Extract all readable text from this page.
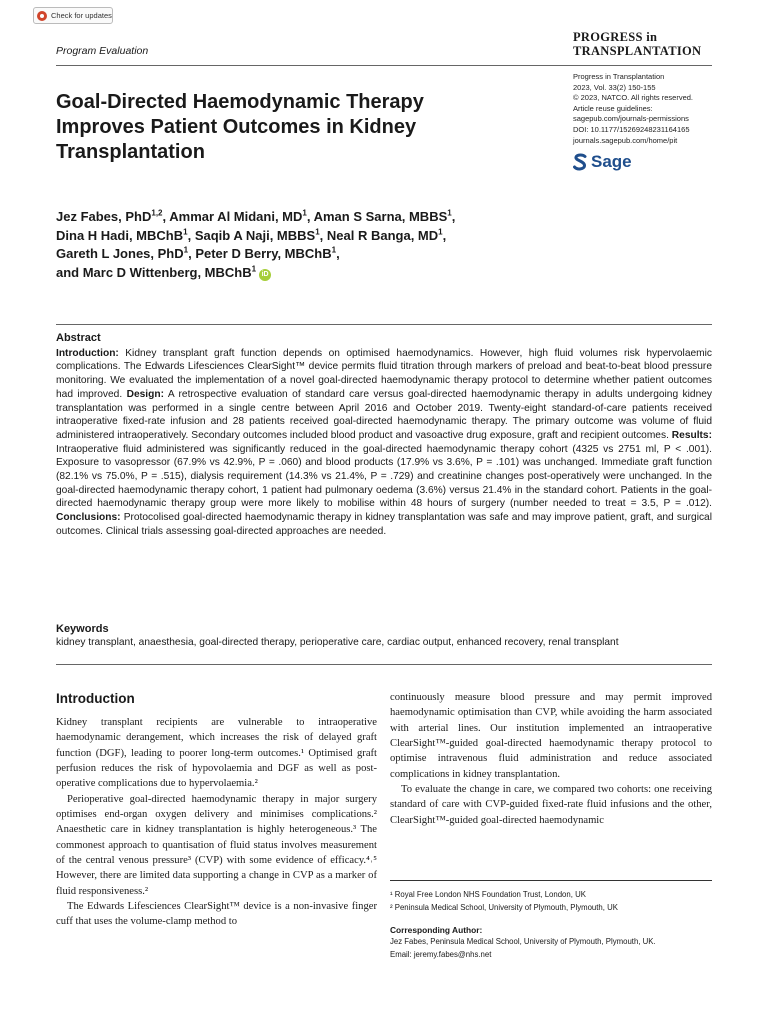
Check for updates
Program Evaluation
PROGRESS in
TRANSPLANTATION
Goal-Directed Haemodynamic Therapy Improves Patient Outcomes in Kidney Transplantation
Progress in Transplantation
2023, Vol. 33(2) 150-155
© 2023, NATCO. All rights reserved.
Article reuse guidelines:
sagepub.com/journals-permissions
DOI: 10.1177/15269248231164165
journals.sagepub.com/home/pit
Sage
Jez Fabes, PhD$^{1,2}$, Ammar Al Midani, $MD^1$, Aman S Sarna, MBBS$^1$,
Dina H Hadi, MBChB$^1$, Saqib A Naji, MBBS$^1$, Neal R Banga, $MD^1$,
Gareth L Jones, PhD$^1$, Peter D Berry, MBChB$^1$,
and Marc D Wittenberg, MBChB$^1$iD
Abstract
Introduction: Kidney transplant graft function depends on optimised haemodynamics. However, high fluid volumes risk hypervolaemic complications. The Edwards Lifesciences ClearSight™ device permits fluid titration through markers of preload and beat-to-beat blood pressure monitoring. We evaluated the implementation of a novel goal-directed haemodynamic therapy protocol to determine whether patient outcomes had improved. Design: A retrospective evaluation of standard care versus goal-directed haemodynamic therapy in adults undergoing kidney transplantation was performed in a single centre between April 2016 and October 2019. Twenty-eight standard-of-care patients received intraoperative fixed-rate infusion and 28 patients received goal-directed haemodynamic therapy. The primary outcome was volume of fluid administered intraoperatively. Secondary outcomes included blood product and vasoactive drug exposure, graft and recipient outcomes. Results: Intraoperative fluid administered was significantly reduced in the goal-directed haemodynamic therapy cohort (4325 vs 2751 ml, P < .001). Exposure to vasopressor (67.9% vs 42.9%, P = .060) and blood products (17.9% vs 3.6%, P = .101) was unchanged. Immediate graft function (82.1% vs 75.0%, P = .515), dialysis requirement (14.3% vs 21.4%, P = .729) and creatinine changes post-operatively were unchanged. In the goal-directed haemodynamic therapy cohort, 1 patient had pulmonary oedema (3.6%) versus 21.4% in the standard cohort. Patients in the goal-directed haemodynamic therapy group were more likely to mobilise within 48 hours of surgery (number needed to treat = 3.5, P = .012). Conclusions: Protocolised goal-directed haemodynamic therapy in kidney transplantation was safe and may improve patient, graft, and surgical outcomes. Clinical trials assessing goal-directed approaches are needed.
Keywords
kidney transplant, anaesthesia, goal-directed therapy, perioperative care, cardiac output, enhanced recovery, renal transplant
Introduction

Kidney transplant recipients are vulnerable to intraoperative haemodynamic derangement, which increases the risk of delayed graft function (DGF), leading to poorer long-term outcomes.¹ Optimised graft perfusion reduces the risk of hypovolaemia and DGF as well as post-operative complications due to hypervolaemia.²

Perioperative goal-directed haemodynamic therapy in major surgery optimises end-organ oxygen delivery and minimises complications.² Anaesthetic care in kidney transplantation is highly heterogeneous.³ The commonest approach to quantisation of fluid status involves measurement of the central venous pressure³ (CVP) with some evidence of efficacy.⁴˒⁵ However, there are limited data supporting a change in CVP as a marker of fluid responsiveness.²

The Edwards Lifesciences ClearSight™ device is a non-invasive finger cuff that uses the volume-clamp method to

continuously measure blood pressure and may permit improved haemodynamic optimisation than CVP, while avoiding the harm associated with arterial lines. Our institution implemented an intraoperative ClearSight™-guided goal-directed haemodynamic therapy protocol to optimise intravenous fluid administration and reduce associated complications in kidney transplantation.

To evaluate the change in care, we compared two cohorts: one receiving standard of care with CVP-guided fixed-rate fluid infusions and the other, ClearSight™-guided goal-directed haemodynamic

¹ Royal Free London NHS Foundation Trust, London, UK
² Peninsula Medical School, University of Plymouth, Plymouth, UK
Corresponding Author:
Jez Fabes, Peninsula Medical School, University of Plymouth, Plymouth, UK.
Email: jeremy.fabes@nhs.net
